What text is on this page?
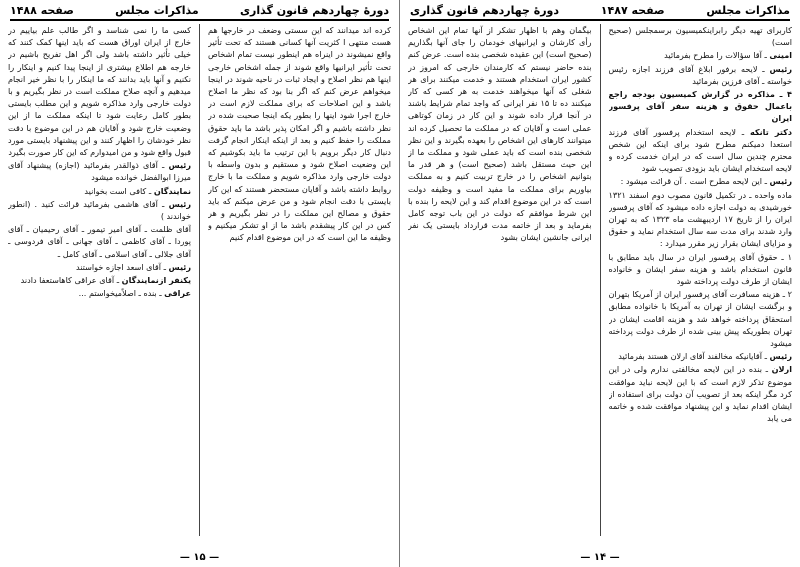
دورهٔ چهاردهم قانون گذاری
مذاکرات مجلس
صفحه ۱۴۸۸

کرده اند میدانند که این سستی وضعف در خارجها هم هست منتهی ا کثریت آنها کسانی هستند که تحت تأثیر واقع نمیشوند در اینراه هم اینطور نیست تمام اشخاص تحت تأثیر ایرانیها واقع شوند از جمله اشخاص خارجی اینها هم نظر اصلاح و ایجاد ثبات در ناحیه شوند در اینجا میخواهم عرض کنم که اگر بنا بود که نظر ما اصلاح باشد و این اصلاحات که برای مملکت لازم است در خارج اجرا شود اینها را بطور یکه اینجا صحبت شده در نظر داشته باشیم و اگر امکان پذیر باشد ما باید حقوق مملکت را حفظ کنیم و بعد از اینکه اینکار انجام گرفت دنبال کار دیگر برویم با این ترتیب ما باید بکوشیم که این وضعیت اصلاح شود و مستقیم و بدون واسطه با دولت خارجی وارد مذاکره شویم و مملکت ما با خارج روابط داشته باشد و آقایان مستحضر هستند که این کار بایستی با دقت انجام شود و من عرض میکنم که باید حقوق و مصالح این مملکت را در نظر بگیریم و هر کس در این کار پیشقدم باشد ما از او تشکر میکنیم و وظیفه ما این است که در این موضوع اقدام کنیم

کسی ما را نمی شناسد و اگر طالب علم بیاییم در خارج از ایران اوراق هست که باید اینها کمک کنند که خیلی تأثیر داشته باشد ولی اگر اهل تفریح باشیم در خارجه هم اطلاع بیشتری از اینجا پیدا کنیم و اینکار را نکنیم و آنها باید بدانند که ما اینکار را با نظر خیر انجام میدهیم و آنچه صلاح مملکت است در نظر بگیریم و با دولت خارجی وارد مذاکره شویم و این مطلب بایستی بطور کامل رعایت شود تا اینکه مملکت ما از این وضعیت خارج شود و آقایان هم در این موضوع با دقت نظر خودشان را اظهار کنند و این پیشنهاد بایستی مورد قبول واقع شود و من امیدوارم که این کار صورت بگیرد

رئیس ـ آقای ذوالقدر بفرمائید (اجازه) پیشنهاد آقای میرزا ابوالفضل خوانده میشود

نمایندگان ـ کافی است بخوانید

رئیس ـ آقای هاشمی بفرمائید قرائت کنید . (انطور خواندند )

آقای ظلمت ـ آقای امیر تیمور ـ آقای رحیمیان ـ آقای پوردا ـ آقای کاظمی ـ آقای جهانی ـ آقای فردوسی ـ آقای جلالی ـ آقای اسلامی ـ آقای کامل ـ

رئیس ـ آقای اسعد اجازه خواستند

یکنفر ازنمایندگان ـ آقای عراقی کاهاستعفا دادند

عراقی ـ بنده ـ اصلاًمیخواستم ...

— ۱۵ —
مذاکرات مجلس
صفحه ۱۴۸۷
دورهٔ چهاردهم قانون گذاری

کاربرای تهیه دیگر رابراینکمیسیون برسمجلس (صحیح است)

امینی ـ آقا سؤالات را مطرح بفرمائید

رئیس ـ لایحه برفور ابلاغ آقای فرزند اجازه رئیس خواسته ـ آقای فرزین بفرمائید

۴ ـ مذاکره در گزارش کمیسیون بودجه راجع باعمال حقوق و هزینه سفر آقای پرفسور ایران

دکتر تانکه ـ لایحه استخدام پرفسور آقای فرزند استعدا دمیکنم مطرح شود برای اینکه این شخص محترم چندین سال است که در ایران خدمت کرده و لایحه استخدام ایشان باید بزودی تصویب شود

رئیس ـ این لایحه مطرح است . آن قرائت میشود :

ماده واحده ـ در تکمیل قانون مصوب دوم اسفند ۱۳۲۱ خورشیدی به دولت اجازه داده میشود که آقای پرفسور ایران را از تاریخ ۱۷ اردیبهشت ماه ۱۳۲۳ که به تهران وارد شدند برای مدت سه سال استخدام نماید و حقوق و مزایای ایشان بقرار زیر مقرر میدارد :

۱ ـ حقوق آقای پرفسور ایران در سال باید مطابق با قانون استخدام باشد و هزینه سفر ایشان و خانواده ایشان از طرف دولت پرداخته شود

۲ ـ هزینه مسافرت آقای پرفسور ایران از آمریکا بتهران و برگشت ایشان از تهران به آمریکا با خانواده مطابق استحقاق پرداخته خواهد شد و هزینه اقامت ایشان در تهران بطوریکه پیش بینی شده از طرف دولت پرداخته میشود

رئیس ـ آقایانیکه مخالفند آقای ارلان هستند بفرمائید

ارلان ـ بنده در این لایحه مخالفتی ندارم ولی در این موضوع تذکر لازم است که با این لایحه نباید موافقت کرد مگر اینکه بعد از تصویب آن دولت برای استفاده از ایشان اقدام نماید و این پیشنهاد موافقت شده و خاتمه می یابد

بیگمان وهم با اظهار تشکر از آنها تمام این اشخاص رأی کارشان و ایرانیهای خودمان را جای آنها بگذاریم (صحیح است) این عقیده شخصی بنده است. عرض کنم بنده حاضر نیستم که کارمندان خارجی که امروز در کشور ایران استخدام هستند و خدمت میکنند برای هر شغلی که آنها میخواهند خدمت به هر کسی که کار میکنند ده تا ۱۵ نفر ایرانی که واجد تمام شرایط باشند در آنجا قرار داده شوند و این کار در زمان کوتاهی عملی است و آقایان که در مملکت ما تحصیل کرده اند میتوانند کارهای این اشخاص را بعهده بگیرند و این نظر شخصی بنده است که باید عملی شود و مملکت ما از این حیث مستقل باشد (صحیح است) و هر قدر ما بتوانیم اشخاص را در خارج تربیت کنیم و به مملکت بیاوریم برای مملکت ما مفید است و وظیفه دولت است که در این موضوع اقدام کند و این لایحه را بنده با این شرط موافقم که دولت در این باب توجه کامل بفرماید و بعد از خاتمه مدت قرارداد بایستی یک نفر ایرانی جانشین ایشان بشود

— ۱۴ —
